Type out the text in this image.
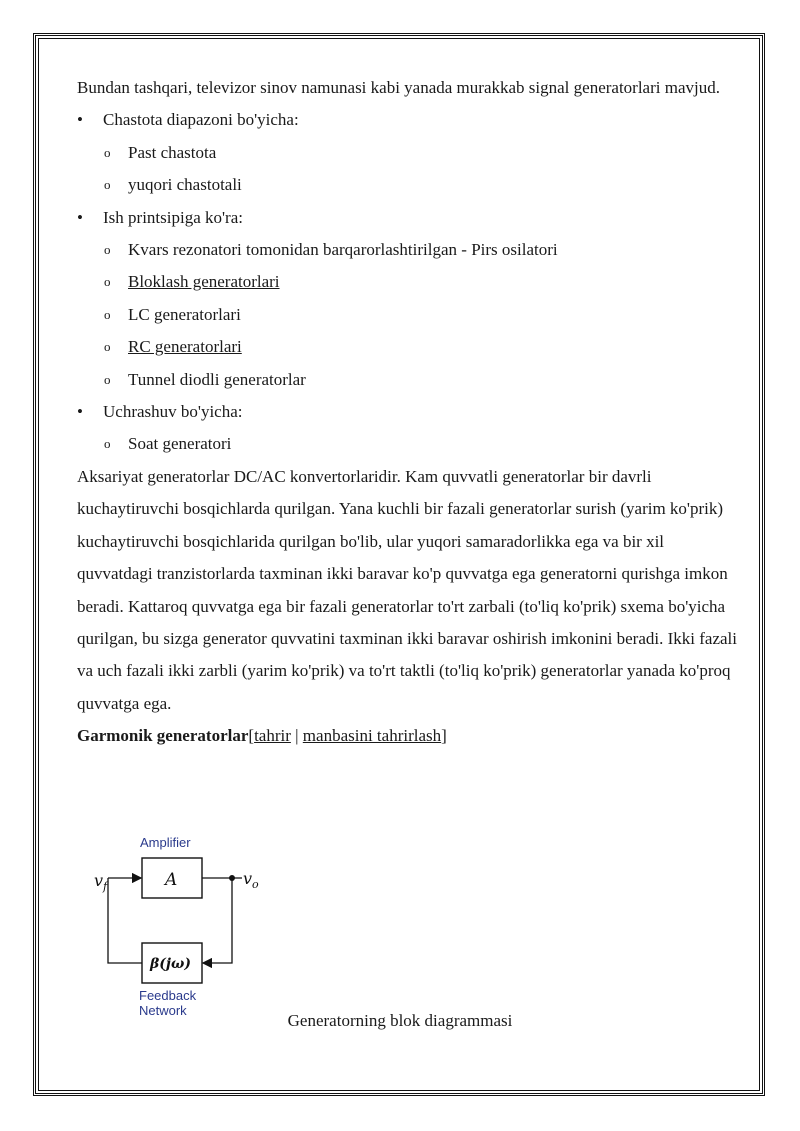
Bundan tashqari, televizor sinov namunasi kabi yanada murakkab signal generatorlari mavjud.

• Chastota diapazoni bo'yicha:

o Past chastota

o yuqori chastotali

• Ish printsipiga ko'ra:

o Kvars rezonatori tomonidan barqarorlashtirilgan - Pirs osilatori

o Bloklash generatorlari

o LC generatorlari

o RC generatorlari

o Tunnel diodli generatorlar

• Uchrashuv bo'yicha:

o Soat generatori

Aksariyat generatorlar DC/AC konvertorlaridir. Kam quvvatli generatorlar bir davrli kuchaytiruvchi bosqichlarda qurilgan. Yana kuchli bir fazali generatorlar surish (yarim ko'prik) kuchaytiruvchi bosqichlarida qurilgan bo'lib, ular yuqori samaradorlikka ega va bir xil quvvatdagi tranzistorlarda taxminan ikki baravar ko'p quvvatga ega generatorni qurishga imkon beradi. Kattaroq quvvatga ega bir fazali generatorlar to'rt zarbali (to'liq ko'prik) sxema bo'yicha qurilgan, bu sizga generator quvvatini taxminan ikki baravar oshirish imkonini beradi. Ikki fazali va uch fazali ikki zarbli (yarim ko'prik) va to'rt taktli (to'liq ko'prik) generatorlar yanada ko'proq quvvatga ega.

Garmonik generatorlar[tahrir | manbasini tahrirlash]

Amplifier
A
β(jω)
Feedback
Network
$v_f$	$v_o$
Generatorning blok diagrammasi
